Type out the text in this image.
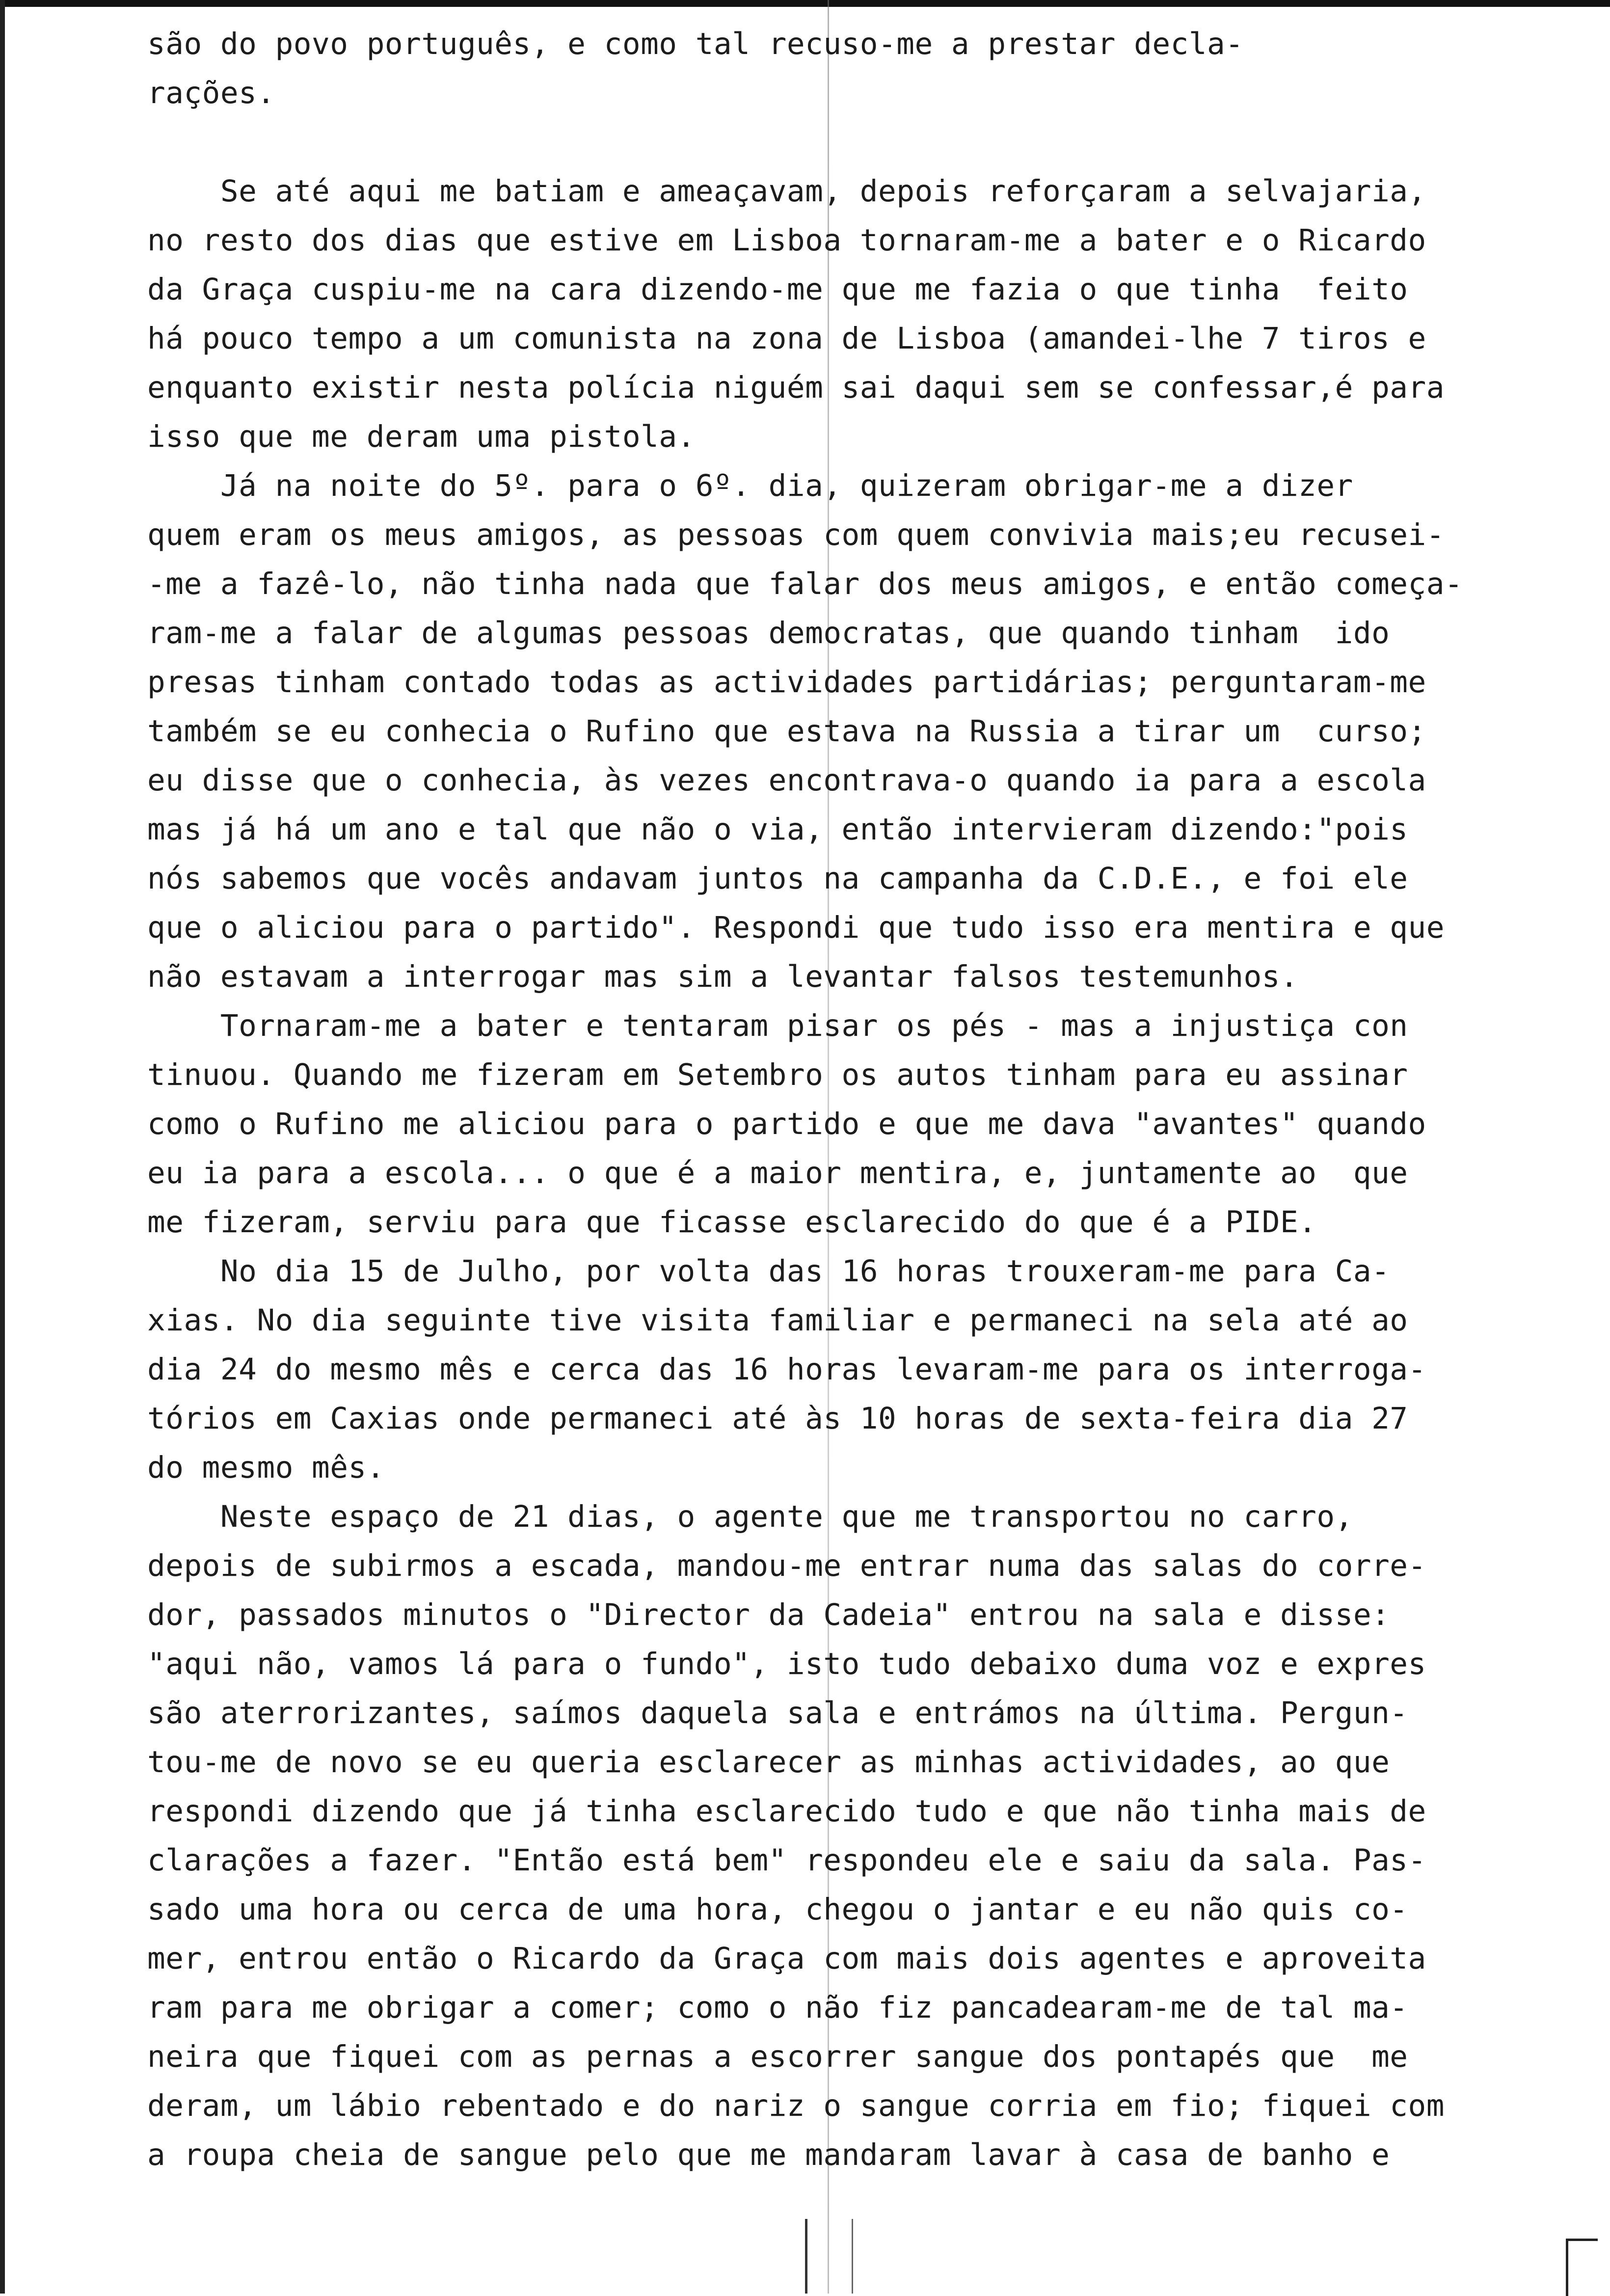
são do povo português, e como tal recuso-me a prestar decla-

rações.

Se até aqui me batiam e ameaçavam, depois reforçaram a selvajaria,

no resto dos dias que estive em Lisboa tornaram-me a bater e o Ricardo

da Graça cuspiu-me na cara dizendo-me que me fazia o que tinha  feito

há pouco tempo a um comunista na zona de Lisboa (amandei-lhe 7 tiros e

enquanto existir nesta polícia niguém sai daqui sem se confessar,é para

isso que me deram uma pistola.

Já na noite do 5º. para o 6º. dia, quizeram obrigar-me a dizer

quem eram os meus amigos, as pessoas com quem convivia mais;eu recusei-

-me a fazê-lo, não tinha nada que falar dos meus amigos, e então começa-

ram-me a falar de algumas pessoas democratas, que quando tinham  ido

presas tinham contado todas as actividades partidárias; perguntaram-me

também se eu conhecia o Rufino que estava na Russia a tirar um  curso;

eu disse que o conhecia, às vezes encontrava-o quando ia para a escola

mas já há um ano e tal que não o via, então intervieram dizendo:"pois

nós sabemos que vocês andavam juntos na campanha da C.D.E., e foi ele

que o aliciou para o partido". Respondi que tudo isso era mentira e que

não estavam a interrogar mas sim a levantar falsos testemunhos.

Tornaram-me a bater e tentaram pisar os pés - mas a injustiça con

tinuou. Quando me fizeram em Setembro os autos tinham para eu assinar

como o Rufino me aliciou para o partido e que me dava "avantes" quando

eu ia para a escola... o que é a maior mentira, e, juntamente ao  que

me fizeram, serviu para que ficasse esclarecido do que é a PIDE.

No dia 15 de Julho, por volta das 16 horas trouxeram-me para Ca-

xias. No dia seguinte tive visita familiar e permaneci na sela até ao

dia 24 do mesmo mês e cerca das 16 horas levaram-me para os interroga-

tórios em Caxias onde permaneci até às 10 horas de sexta-feira dia 27

do mesmo mês.

Neste espaço de 21 dias, o agente que me transportou no carro,

depois de subirmos a escada, mandou-me entrar numa das salas do corre-

dor, passados minutos o "Director da Cadeia" entrou na sala e disse:

"aqui não, vamos lá para o fundo", isto tudo debaixo duma voz e expres

são aterrorizantes, saímos daquela sala e entrámos na última. Pergun-

tou-me de novo se eu queria esclarecer as minhas actividades, ao que

respondi dizendo que já tinha esclarecido tudo e que não tinha mais de

clarações a fazer. "Então está bem" respondeu ele e saiu da sala. Pas-

sado uma hora ou cerca de uma hora, chegou o jantar e eu não quis co-

mer, entrou então o Ricardo da Graça com mais dois agentes e aproveita

ram para me obrigar a comer; como o não fiz pancadearam-me de tal ma-

neira que fiquei com as pernas a escorrer sangue dos pontapés que  me

deram, um lábio rebentado e do nariz o sangue corria em fio; fiquei com

a roupa cheia de sangue pelo que me mandaram lavar à casa de banho e
